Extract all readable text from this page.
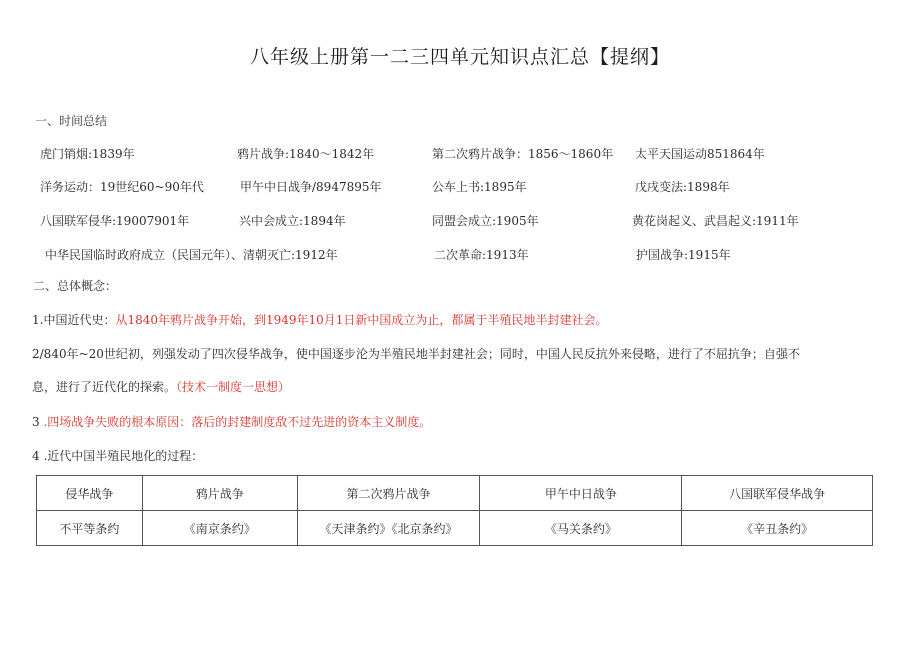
八年级上册第一二三四单元知识点汇总【提纲】
一、时间总结
虎门销烟:1839年	鸦片战争:1840〜1842年	第二次鸦片战争：1856〜1860年 太平天国运动851864年
洋务运动：19世纪60~90年代	甲午中日战争/8947895年	公车上书:1895年	戊戌变法:1898年
八国联军侵华:19007901年	兴中会成立:1894年	同盟会成立:1905年	黄花岗起义、武昌起义:1911年
中华民国临时政府成立（民国元年）、清朝灭亡:1912年	二次革命:1913年	护国战争:1915年
二、总体概念：
1.中国近代史：从1840年鸦片战争开始，到1949年10月1日新中国成立为止，都属于半殖民地半封建社会。
2/840年~20世纪初，列强发动了四次侵华战争，使中国逐步沦为半殖民地半封建社会；同时，中国人民反抗外来侵略，进行了不屈抗争；自强不
息，进行了近代化的探索。（技术一制度一思想）
3 .四场战争失败的根本原因：落后的封建制度敌不过先进的资本主义制度。
4 .近代中国半殖民地化的过程：
侵华战争	鸦片战争	第二次鸦片战争	甲午中日战争	八国联军侵华战争
不平等条约	《南京条约》	《天津条约》《北京条约》	《马关条约》	《辛丑条约》
